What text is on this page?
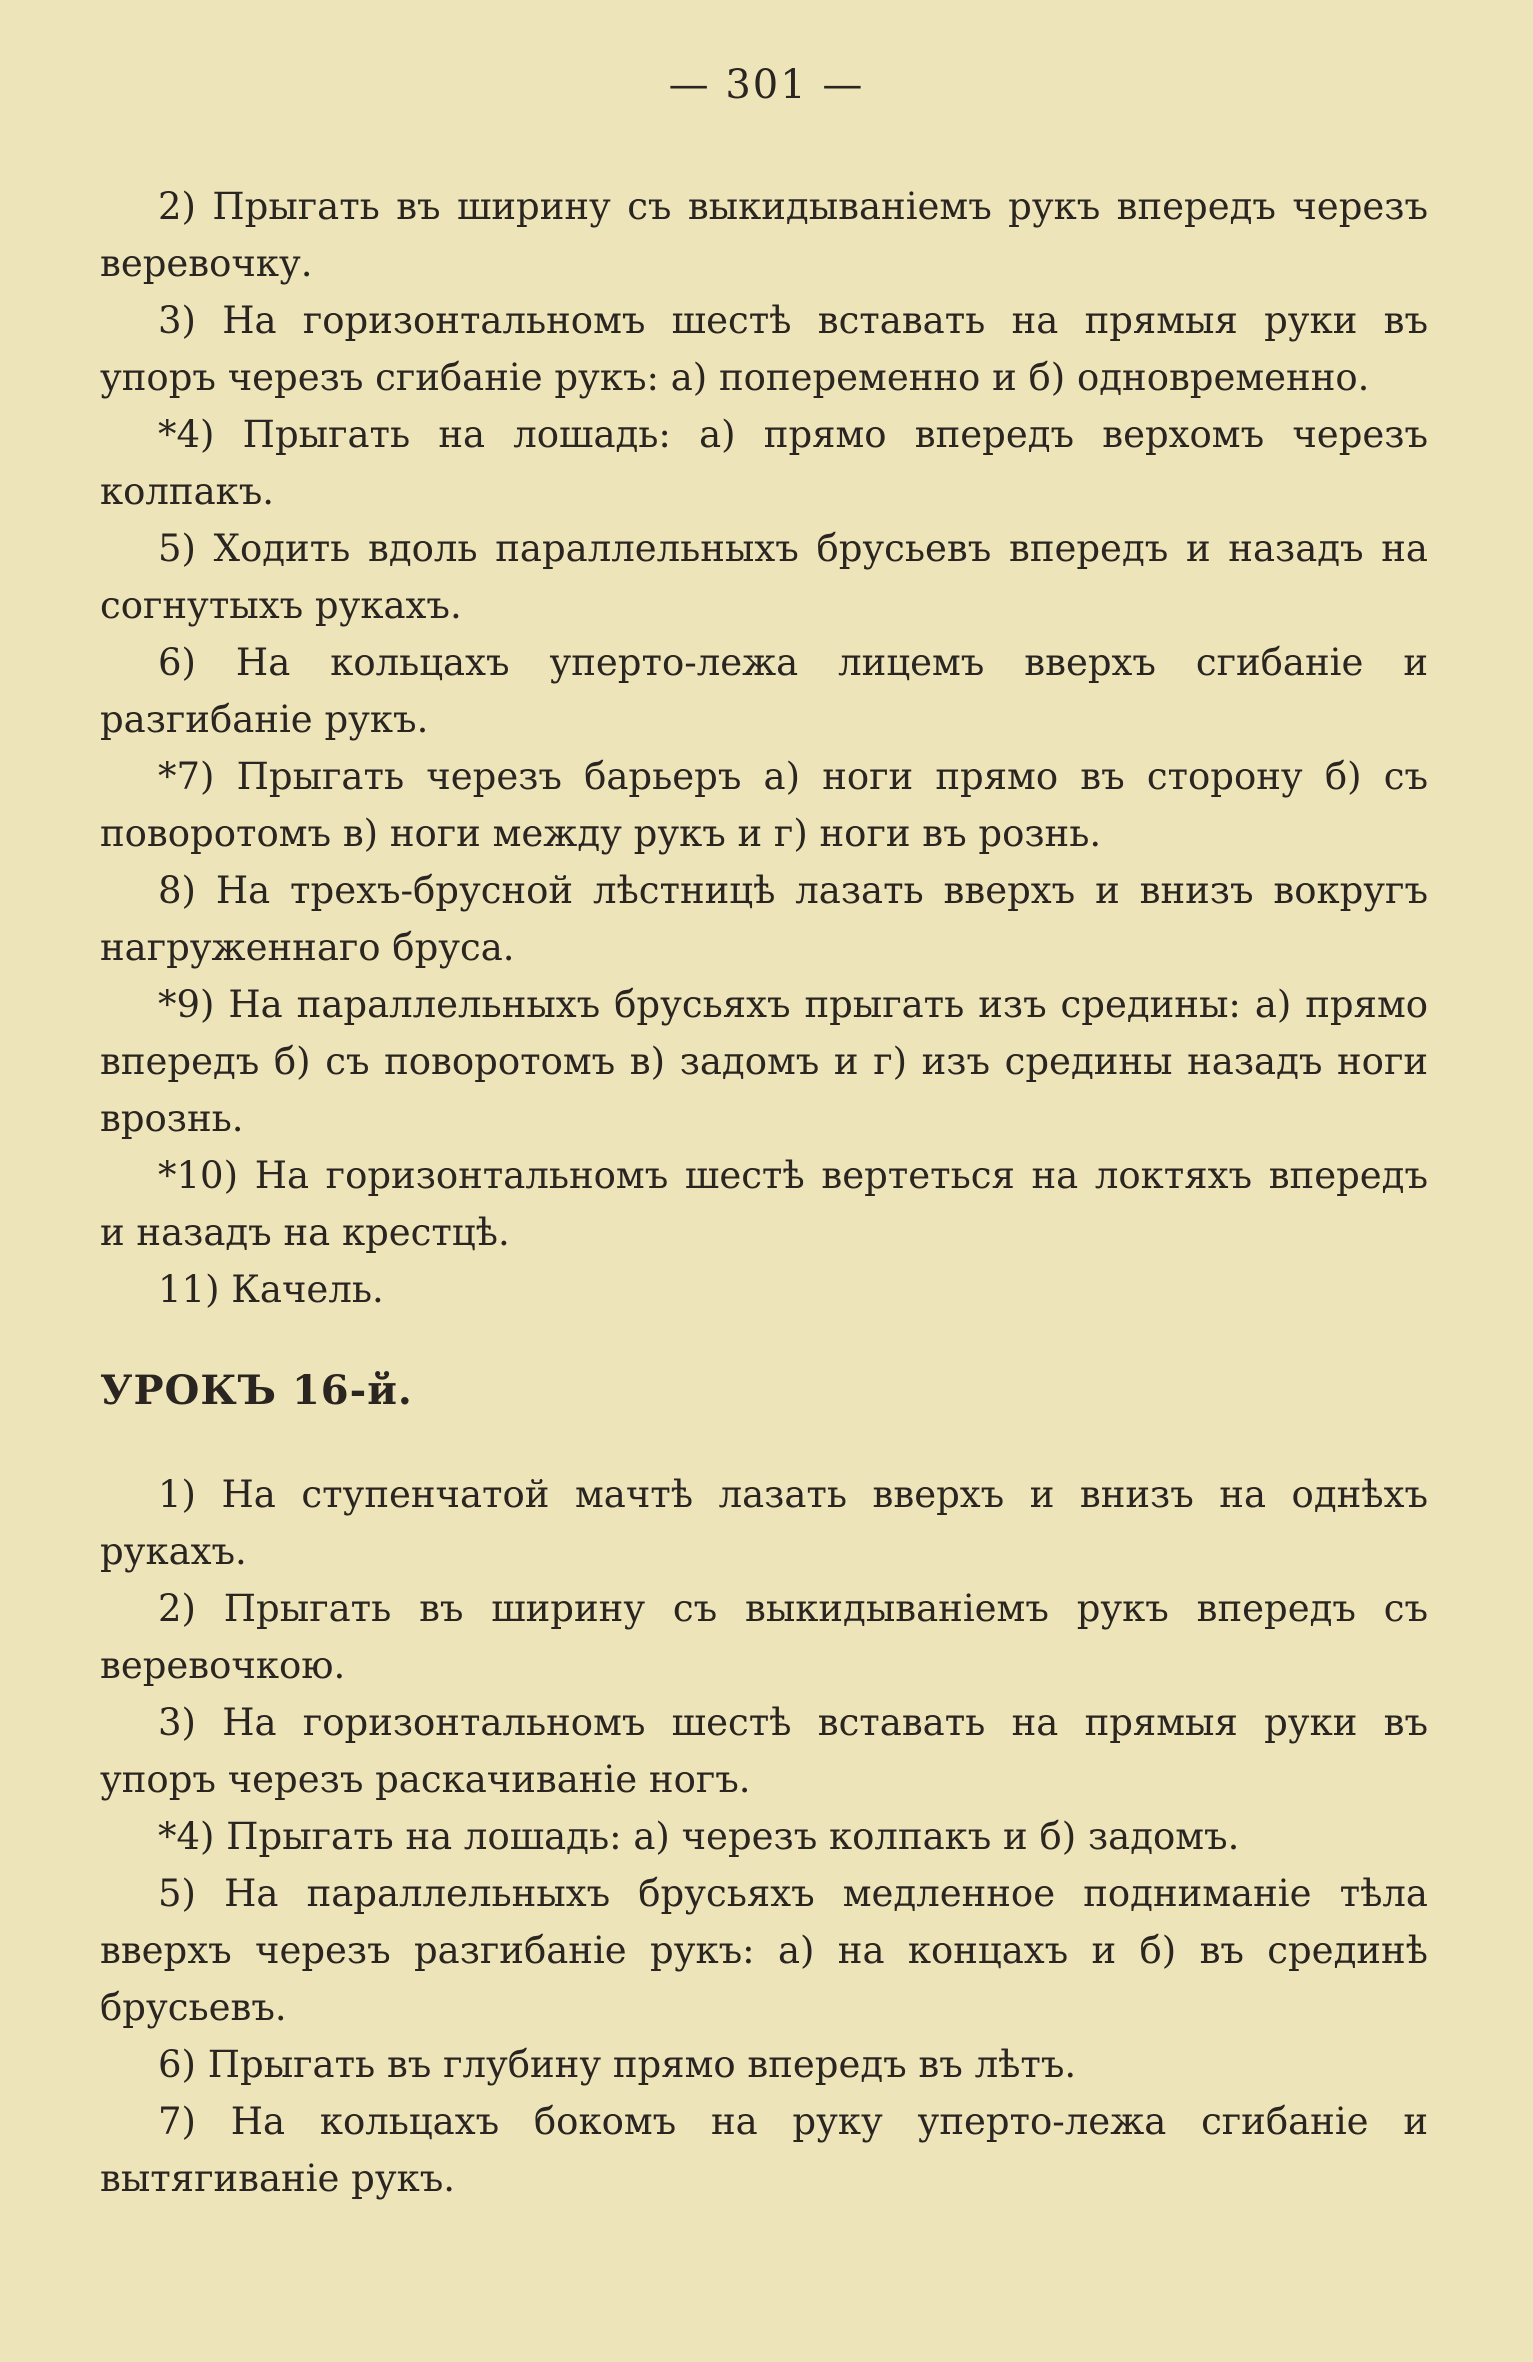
— 301 —

2) Прыгать въ ширину съ выкидываніемъ рукъ впередъ черезъ веревочку.

3) На горизонтальномъ шестѣ вставать на прямыя руки въ упоръ черезъ сгибаніе рукъ: а) попеременно и б) одновременно.

*4) Прыгать на лошадь: а) прямо впередъ верхомъ черезъ колпакъ.

5) Ходить вдоль параллельныхъ брусьевъ впередъ и назадъ на согнутыхъ рукахъ.

6) На кольцахъ уперто-лежа лицемъ вверхъ сгибаніе и разгибаніе рукъ.

*7) Прыгать черезъ барьеръ а) ноги прямо въ сторону б) съ поворотомъ в) ноги между рукъ и г) ноги въ рознь.

8) На трехъ-брусной лѣстницѣ лазать вверхъ и внизъ вокругъ нагруженнаго бруса.

*9) На параллельныхъ брусьяхъ прыгать изъ средины: а) прямо впередъ б) съ поворотомъ в) задомъ и г) изъ средины назадъ ноги врознь.

*10) На горизонтальномъ шестѣ вертеться на локтяхъ впередъ и назадъ на крестцѣ.

11) Качель.

УРОКЪ 16-й.

1) На ступенчатой мачтѣ лазать вверхъ и внизъ на однѣхъ рукахъ.

2) Прыгать въ ширину съ выкидываніемъ рукъ впередъ съ веревочкою.

3) На горизонтальномъ шестѣ вставать на прямыя руки въ упоръ черезъ раскачиваніе ногъ.

*4) Прыгать на лошадь: а) черезъ колпакъ и б) задомъ.

5) На параллельныхъ брусьяхъ медленное подниманіе тѣла вверхъ черезъ разгибаніе рукъ: а) на концахъ и б) въ срединѣ брусьевъ.

6) Прыгать въ глубину прямо впередъ въ лѣтъ.

7) На кольцахъ бокомъ на руку уперто-лежа сгибаніе и вытягиваніе рукъ.
